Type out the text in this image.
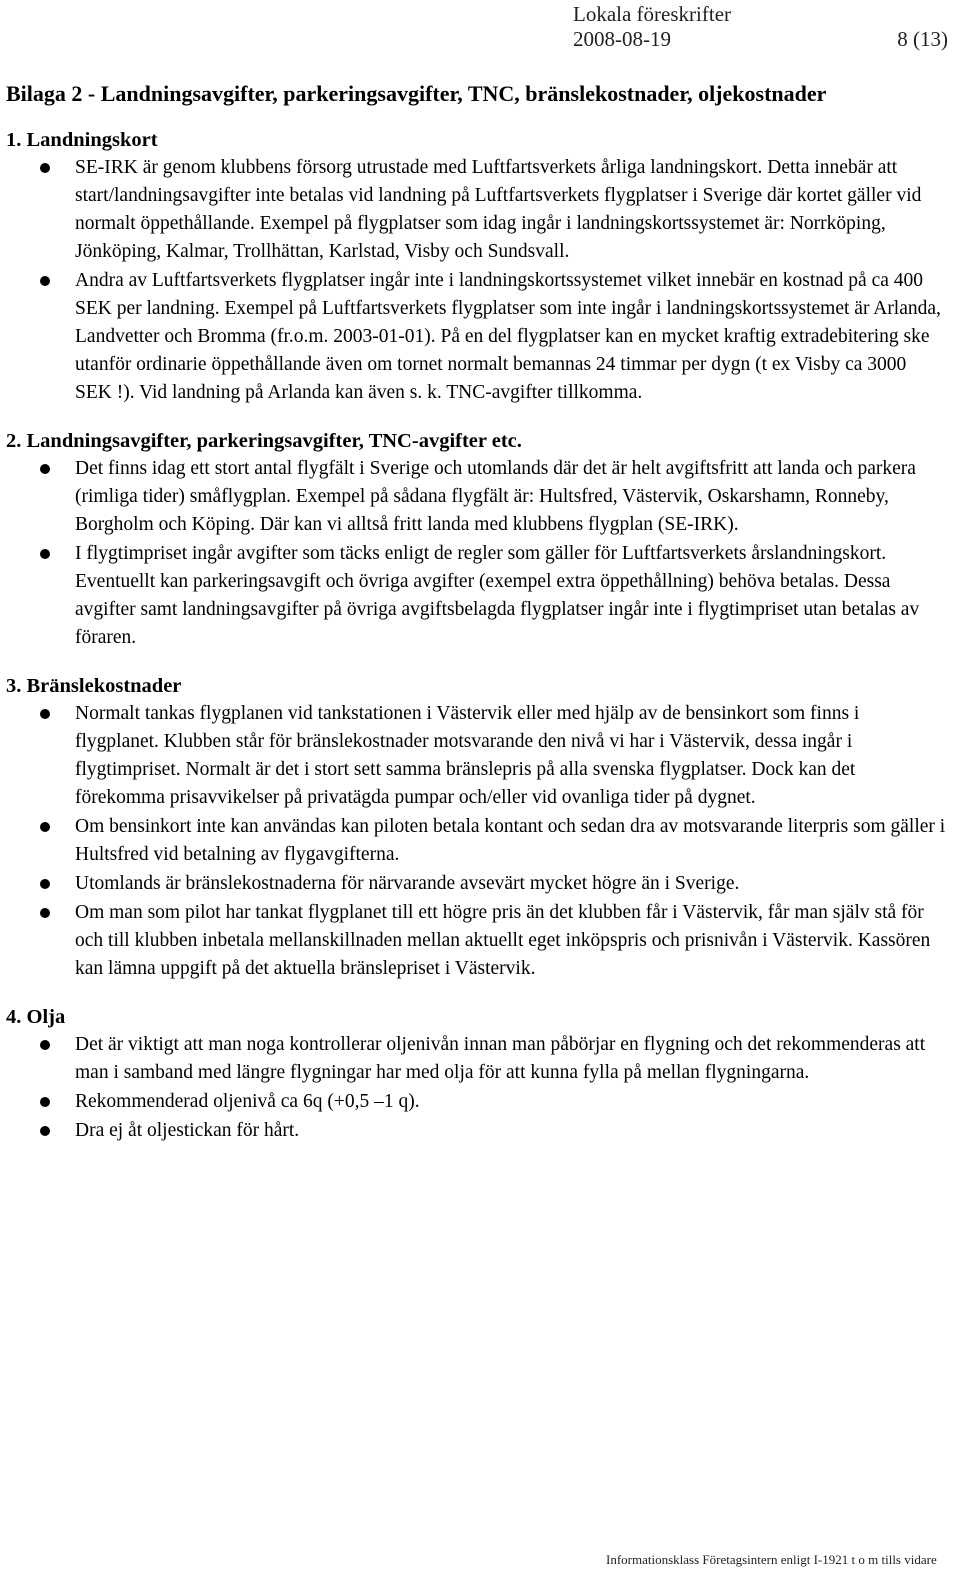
Lokala föreskrifter
2008-08-19	8 (13)
Bilaga 2 - Landningsavgifter, parkeringsavgifter, TNC, bränslekostnader, oljekostnader
1. Landningskort
SE-IRK är genom klubbens försorg utrustade med Luftfartsverkets årliga landningskort. Detta innebär att start/landningsavgifter inte betalas vid landning på Luftfartsverkets flygplatser i Sverige där kortet gäller vid normalt öppethållande. Exempel på flygplatser som idag ingår i landningskortssystemet är: Norrköping, Jönköping, Kalmar, Trollhättan, Karlstad, Visby och Sundsvall.
Andra av Luftfartsverkets flygplatser ingår inte i landningskortssystemet vilket innebär en kostnad på ca 400 SEK per landning. Exempel på Luftfartsverkets flygplatser som inte ingår i landningskortssystemet är Arlanda, Landvetter och Bromma (fr.o.m. 2003-01-01). På en del flygplatser kan en mycket kraftig extradebitering ske utanför ordinarie öppethållande även om tornet normalt bemannas 24 timmar per dygn (t ex Visby ca 3000 SEK !). Vid landning på Arlanda kan även s. k. TNC-avgifter tillkomma.
2. Landningsavgifter, parkeringsavgifter, TNC-avgifter etc.
Det finns idag ett stort antal flygfält i Sverige och utomlands där det är helt avgiftsfritt att landa och parkera (rimliga tider) småflygplan. Exempel på sådana flygfält är: Hultsfred, Västervik, Oskarshamn, Ronneby, Borgholm och Köping. Där kan vi alltså fritt landa med klubbens flygplan (SE-IRK).
I flygtimpriset ingår avgifter som täcks enligt de regler som gäller för Luftfartsverkets årslandningskort. Eventuellt kan parkeringsavgift och övriga avgifter (exempel extra öppethållning) behöva betalas. Dessa avgifter samt landningsavgifter på övriga avgiftsbelagda flygplatser ingår inte i flygtimpriset utan betalas av föraren.
3. Bränslekostnader
Normalt tankas flygplanen vid tankstationen i Västervik eller med hjälp av de bensinkort som finns i flygplanet. Klubben står för bränslekostnader motsvarande den nivå vi har i Västervik, dessa ingår i flygtimpriset. Normalt är det i stort sett samma bränslepris på alla svenska flygplatser. Dock kan det förekomma prisavvikelser på privatägda pumpar och/eller vid ovanliga tider på dygnet.
Om bensinkort inte kan användas kan piloten betala kontant och sedan dra av motsvarande literpris som gäller i Hultsfred vid betalning av flygavgifterna.
Utomlands är bränslekostnaderna för närvarande avsevärt mycket högre än i Sverige.
Om man som pilot har tankat flygplanet till ett högre pris än det klubben får i Västervik, får man själv stå för och till klubben inbetala mellanskillnaden mellan aktuellt eget inköpspris och prisnivån i Västervik. Kassören kan lämna uppgift på det aktuella bränslepriset i Västervik.
4. Olja
Det är viktigt att man noga kontrollerar oljenivån innan man påbörjar en flygning och det rekommenderas att man i samband med längre flygningar har med olja för att kunna fylla på mellan flygningarna.
Rekommenderad oljenivå ca 6q (+0,5 –1 q).
Dra ej åt oljestickan för hårt.
Informationsklass Företagsintern enligt I-1921 t o m tills vidare
